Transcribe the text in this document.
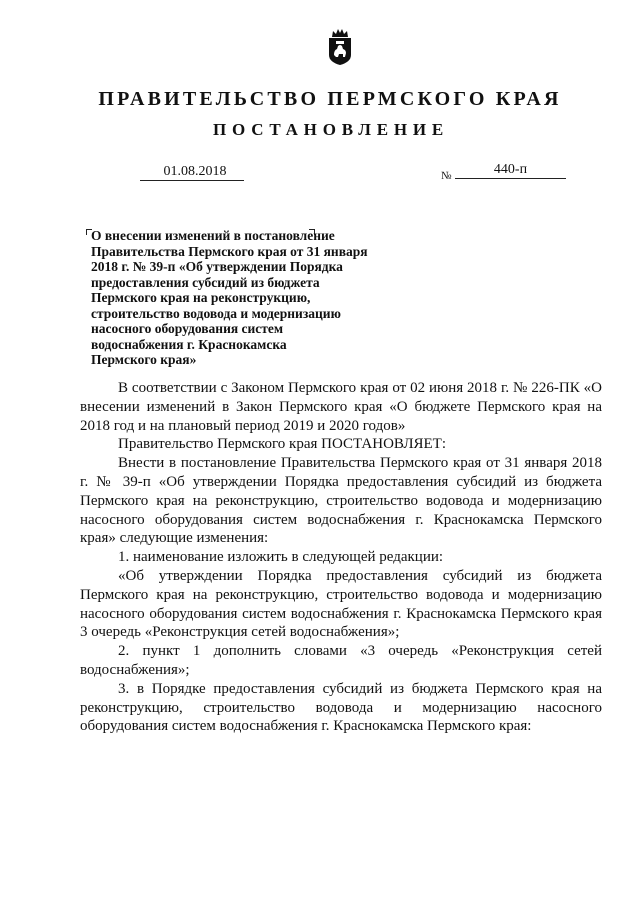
ПРАВИТЕЛЬСТВО ПЕРМСКОГО КРАЯ
ПОСТАНОВЛЕНИЕ
01.08.2018	№	440-п
О внесении изменений в постановление
Правительства Пермского края от 31 января
2018 г. № 39-п «Об утверждении Порядка
предоставления субсидий из бюджета
Пермского края на реконструкцию,
строительство водовода и модернизацию
насосного оборудования систем
водоснабжения г. Краснокамска
Пермского края»

В соответствии с Законом Пермского края от 02 июня 2018 г. № 226-ПК «О внесении изменений в Закон Пермского края «О бюджете Пермского края на 2018 год и на плановый период 2019 и 2020 годов»

Правительство Пермского края ПОСТАНОВЛЯЕТ:

Внести в постановление Правительства Пермского края от 31 января 2018 г. № 39-п «Об утверждении Порядка предоставления субсидий из бюджета Пермского края на реконструкцию, строительство водовода и модернизацию насосного оборудования систем водоснабжения г. Краснокамска Пермского края» следующие изменения:

1. наименование изложить в следующей редакции:

«Об утверждении Порядка предоставления субсидий из бюджета Пермского края на реконструкцию, строительство водовода и модернизацию насосного оборудования систем водоснабжения г. Краснокамска Пермского края 3 очередь «Реконструкция сетей водоснабжения»;

2. пункт 1 дополнить словами «3 очередь «Реконструкция сетей водоснабжения»;

3. в Порядке предоставления субсидий из бюджета Пермского края на реконструкцию, строительство водовода и модернизацию насосного оборудования систем водоснабжения г. Краснокамска Пермского края:
